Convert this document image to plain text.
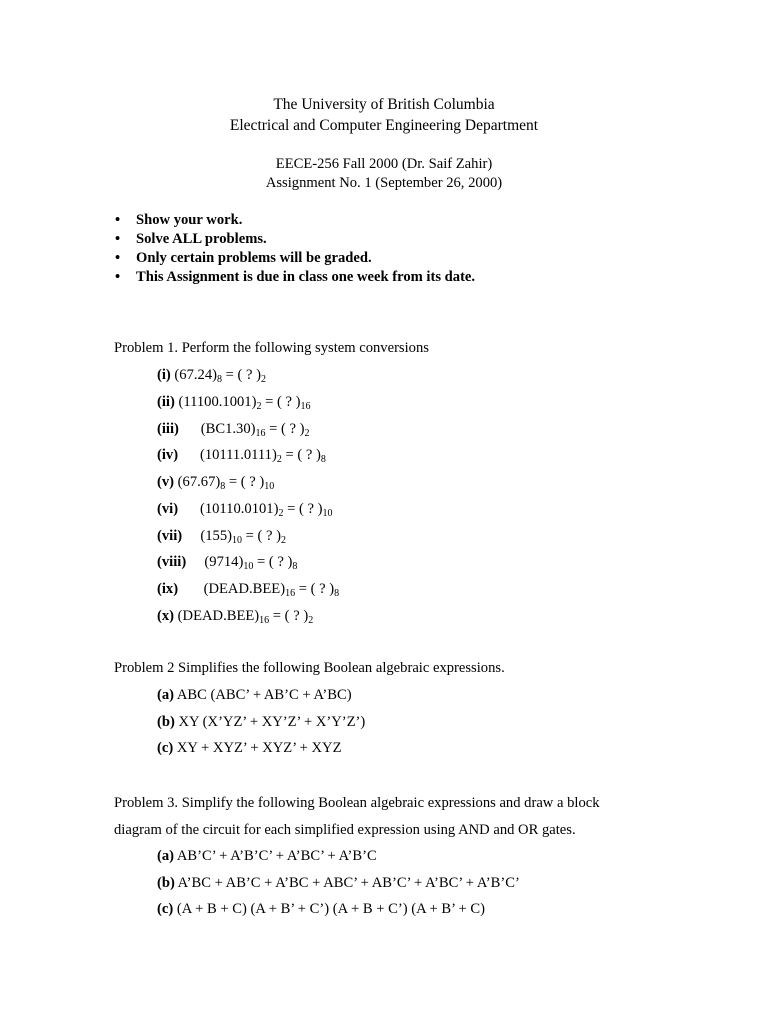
The University of British Columbia
Electrical and Computer Engineering Department
EECE-256 Fall 2000 (Dr. Saif Zahir)
Assignment No. 1 (September 26, 2000)
• Show your work.
• Solve ALL problems.
• Only certain problems will be graded.
• This Assignment is due in class one week from its date.
Problem 1. Perform the following system conversions
(i) $(67.24)_8$ = ( ? )$_2$
(ii) $(11100.1001)_2$ = ( ? )$_{16}$
(iii)      $(BC1.30)_{16}$ = ( ? )$_2$
(iv)      $(10111.0111)_2$ = ( ? )$_8$
(v) $(67.67)_8$ = ( ? )$_{10}$
(vi)      $(10110.0101)_2$ = ( ? )$_{10}$
(vii)     $(155)_{10}$ = ( ? )$_2$
(viii)     $(9714)_{10}$ = ( ? )$_8$
(ix)       $(DEAD.BEE)_{16}$ = ( ? )$_8$
(x) $(DEAD.BEE)_{16}$ = ( ? )$_2$
Problem 2 Simplifies the following Boolean algebraic expressions.
(a) ABC (ABC’ + AB’C + A’BC)
(b) XY (X’YZ’ + XY’Z’ + X’Y’Z’)
(c) XY + XYZ’ + XYZ’ + XYZ
Problem 3. Simplify the following Boolean algebraic expressions and draw a block
diagram of the circuit for each simplified expression using AND and OR gates.
(a) AB’C’ + A’B’C’ + A’BC’ + A’B’C
(b) A’BC + AB’C + A’BC + ABC’ + AB’C’ + A’BC’ + A’B’C’
(c) (A + B + C) (A + B’ + C’) (A + B + C’) (A + B’ + C)
